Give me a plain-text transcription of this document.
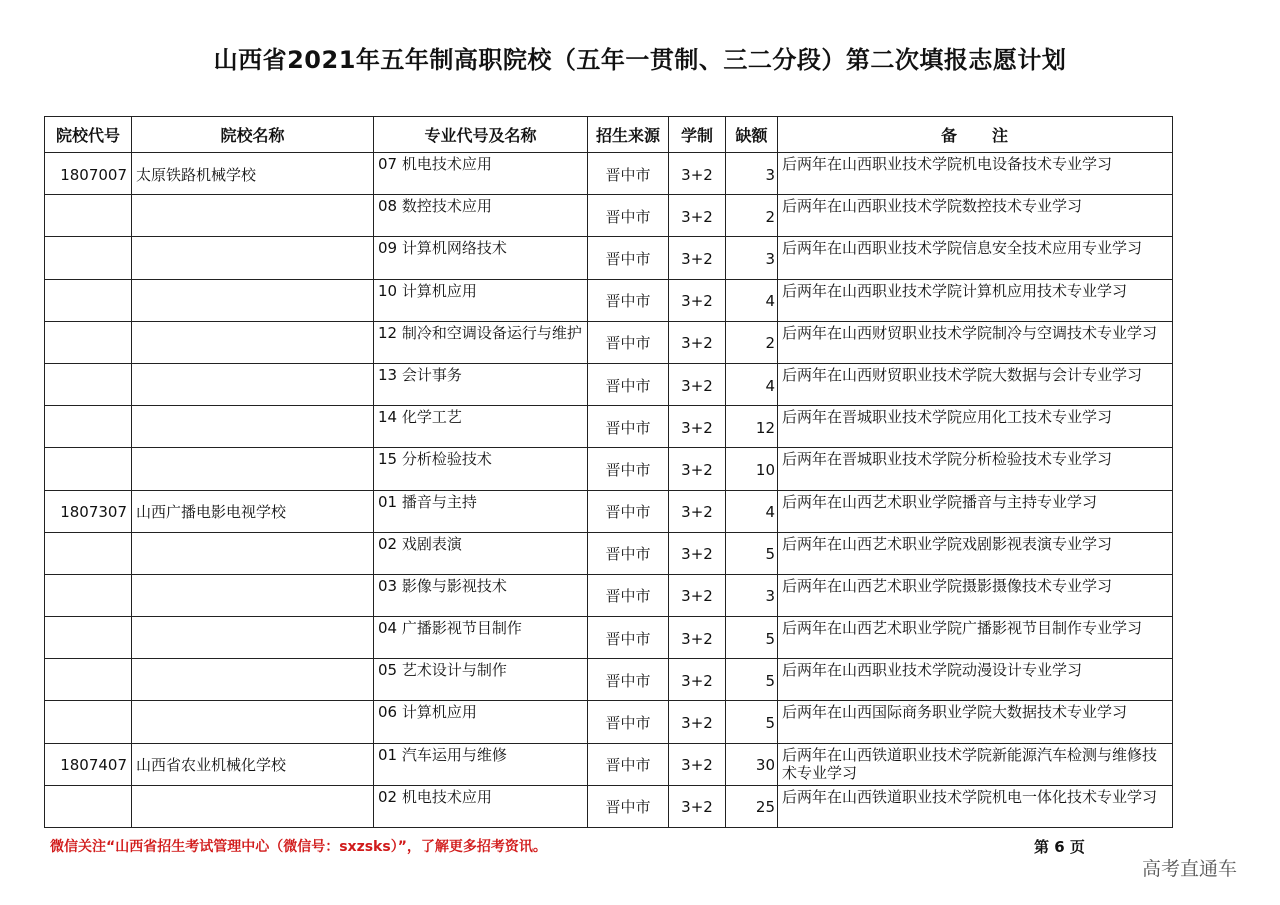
山西省2021年五年制高职院校（五年一贯制、三二分段）第二次填报志愿计划
院校代号	院校名称	专业代号及名称	招生来源	学制	缺额	备　　注
1807007	太原铁路机械学校	07 机电技术应用	晋中市	3+2	3	后两年在山西职业技术学院机电设备技术专业学习
		08 数控技术应用	晋中市	3+2	2	后两年在山西职业技术学院数控技术专业学习
		09 计算机网络技术	晋中市	3+2	3	后两年在山西职业技术学院信息安全技术应用专业学习
		10 计算机应用	晋中市	3+2	4	后两年在山西职业技术学院计算机应用技术专业学习
		12 制冷和空调设备运行与维护	晋中市	3+2	2	后两年在山西财贸职业技术学院制冷与空调技术专业学习
		13 会计事务	晋中市	3+2	4	后两年在山西财贸职业技术学院大数据与会计专业学习
		14 化学工艺	晋中市	3+2	12	后两年在晋城职业技术学院应用化工技术专业学习
		15 分析检验技术	晋中市	3+2	10	后两年在晋城职业技术学院分析检验技术专业学习
1807307	山西广播电影电视学校	01 播音与主持	晋中市	3+2	4	后两年在山西艺术职业学院播音与主持专业学习
		02 戏剧表演	晋中市	3+2	5	后两年在山西艺术职业学院戏剧影视表演专业学习
		03 影像与影视技术	晋中市	3+2	3	后两年在山西艺术职业学院摄影摄像技术专业学习
		04 广播影视节目制作	晋中市	3+2	5	后两年在山西艺术职业学院广播影视节目制作专业学习
		05 艺术设计与制作	晋中市	3+2	5	后两年在山西职业技术学院动漫设计专业学习
		06 计算机应用	晋中市	3+2	5	后两年在山西国际商务职业学院大数据技术专业学习
1807407	山西省农业机械化学校	01 汽车运用与维修	晋中市	3+2	30	后两年在山西铁道职业技术学院新能源汽车检测与维修技术专业学习
		02 机电技术应用	晋中市	3+2	25	后两年在山西铁道职业技术学院机电一体化技术专业学习
微信关注“山西省招生考试管理中心（微信号：sxzsks）”，了解更多招考资讯。	第 6 页
高考直通车
